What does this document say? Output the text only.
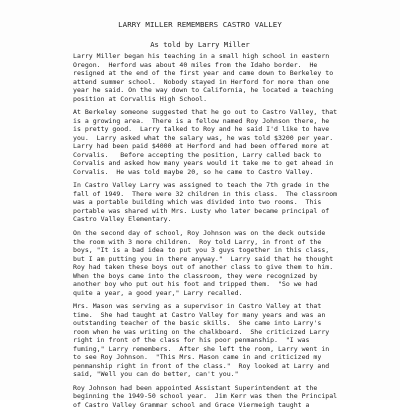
LARRY MILLER REMEMBERS CASTRO VALLEY

As told by Larry Miller

Larry Miller began his teaching in a small high school in eastern
Oregon.  Herford was about 40 miles from the Idaho border.  He
resigned at the end of the first year and came down to Berkeley to
attend summer school.  Nobody stayed in Herford for more than one
year he said. On the way down to California, he located a teaching
position at Corvallis High School.
At Berkeley someone suggested that he go out to Castro Valley, that
is a growing area.  There is a fellow named Roy Johnson there, he
is pretty good.  Larry talked to Roy and he said I'd like to have
you.  Larry asked what the salary was, he was told $3200 per year.
Larry had been paid $4000 at Herford and had been offered more at
Corvalis.   Before accepting the position, Larry called back to
Corvalis and asked how many years would it take me to get ahead in
Corvalis.  He was told maybe 20, so he came to Castro Valley.
In Castro Valley Larry was assigned to teach the 7th grade in the
fall of 1949.  There were 32 children in this class.  The classroom
was a portable building which was divided into two rooms.  This
portable was shared with Mrs. Lusty who later became principal of
Castro Valley Elementary.
On the second day of school, Roy Johnson was on the deck outside
the room with 3 more children.  Roy told Larry, in front of the
boys, "It is a bad idea to put you 3 guys together in this class,
but I am putting you in there anyway."  Larry said that he thought
Roy had taken these boys out of another class to give them to him.
When the boys came into the classroom, they were recognized by
another boy who put out his foot and tripped them.  "So we had
quite a year, a good year," Larry recalled.
Mrs. Mason was serving as a supervisor in Castro Valley at that
time.  She had taught at Castro Valley for many years and was an
outstanding teacher of the basic skills.  She came into Larry's
room when he was writing on the chalkboard.  She criticized Larry
right in front of the class for his poor penmanship.  "I was
fuming," Larry remembers.  After she left the room, Larry went in
to see Roy Johnson.  "This Mrs. Mason came in and criticized my
penmanship right in front of the class."  Roy looked at Larry and
said, "Well you can do better, can't you."
Roy Johnson had been appointed Assistant Superintendent at the
beginning the 1949-50 school year.  Jim Kerr was then the Principal
of Castro Valley Grammar school and Grace Viermeigh taught a
